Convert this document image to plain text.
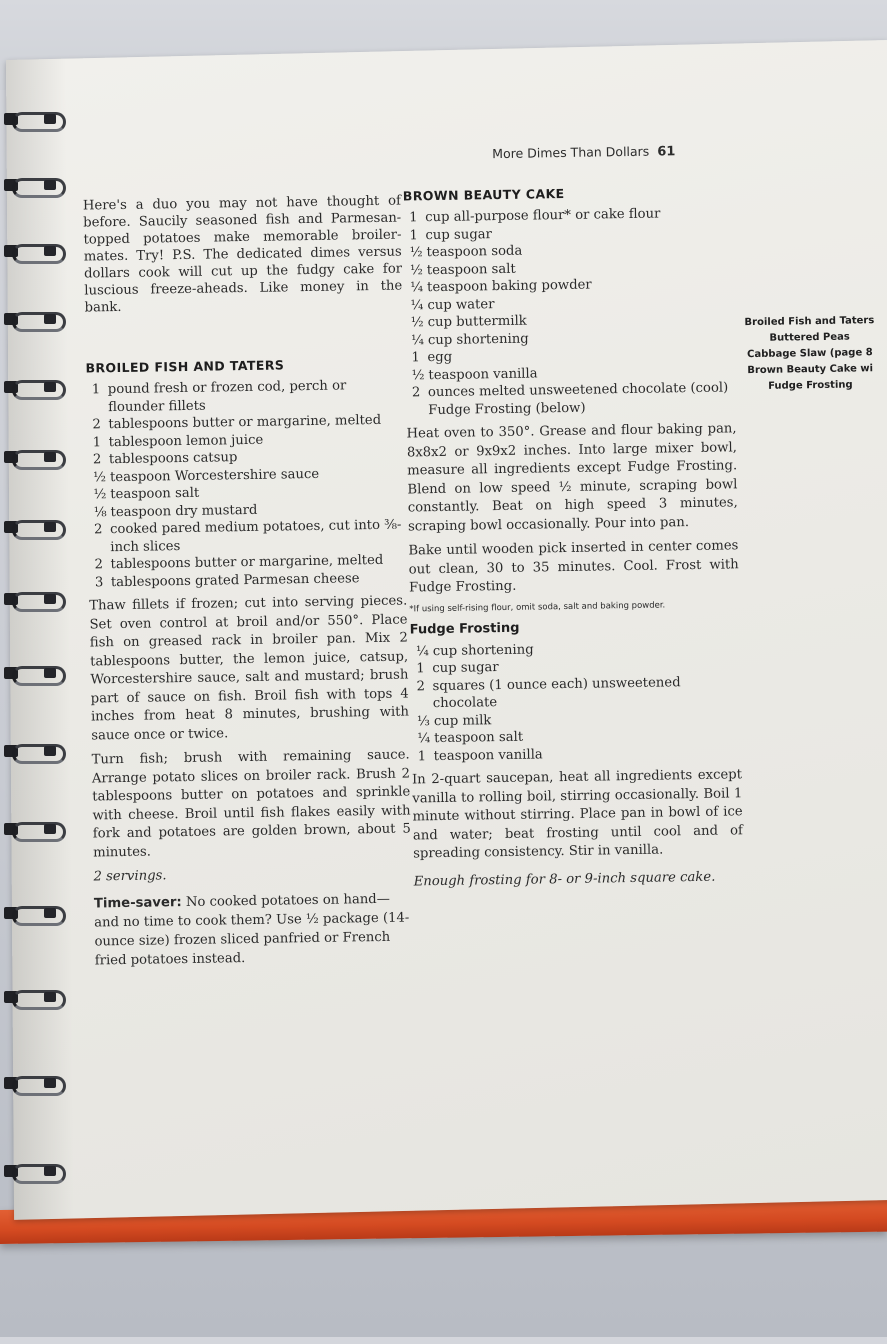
More Dimes Than Dollars 61

Here's a duo you may not have thought of before. Saucily seasoned fish and Parmesan-topped potatoes make memorable broiler-mates. Try! P.S. The dedicated dimes versus dollars cook will cut up the fudgy cake for luscious freeze-aheads. Like money in the bank.

BROILED FISH AND TATERS
1 pound fresh or frozen cod, perch or flounder fillets
2 tablespoons butter or margarine, melted
1 tablespoon lemon juice
2 tablespoons catsup
½ teaspoon Worcestershire sauce
½ teaspoon salt
⅛ teaspoon dry mustard
2 cooked pared medium potatoes, cut into ⅜-inch slices
2 tablespoons butter or margarine, melted
3 tablespoons grated Parmesan cheese

Thaw fillets if frozen; cut into serving pieces. Set oven control at broil and/or 550°. Place fish on greased rack in broiler pan. Mix 2 tablespoons butter, the lemon juice, catsup, Worcestershire sauce, salt and mustard; brush part of sauce on fish. Broil fish with tops 4 inches from heat 8 minutes, brushing with sauce once or twice.

Turn fish; brush with remaining sauce. Arrange potato slices on broiler rack. Brush 2 tablespoons butter on potatoes and sprinkle with cheese. Broil until fish flakes easily with fork and potatoes are golden brown, about 5 minutes.

2 servings.

Time-saver: No cooked potatoes on hand—and no time to cook them? Use ½ package (14-ounce size) frozen sliced panfried or French fried potatoes instead.

BROWN BEAUTY CAKE
1 cup all-purpose flour* or cake flour
1 cup sugar
½ teaspoon soda
½ teaspoon salt
¼ teaspoon baking powder
¼ cup water
½ cup buttermilk
¼ cup shortening
1 egg
½ teaspoon vanilla
2 ounces melted unsweetened chocolate (cool)
Fudge Frosting (below)

Heat oven to 350°. Grease and flour baking pan, 8x8x2 or 9x9x2 inches. Into large mixer bowl, measure all ingredients except Fudge Frosting. Blend on low speed ½ minute, scraping bowl constantly. Beat on high speed 3 minutes, scraping bowl occasionally. Pour into pan.

Bake until wooden pick inserted in center comes out clean, 30 to 35 minutes. Cool. Frost with Fudge Frosting.

*If using self-rising flour, omit soda, salt and baking powder.

Fudge Frosting
¼ cup shortening
1 cup sugar
2 squares (1 ounce each) unsweetened chocolate
⅓ cup milk
¼ teaspoon salt
1 teaspoon vanilla

In 2-quart saucepan, heat all ingredients except vanilla to rolling boil, stirring occasionally. Boil 1 minute without stirring. Place pan in bowl of ice and water; beat frosting until cool and of spreading consistency. Stir in vanilla.

Enough frosting for 8- or 9-inch square cake.

Broiled Fish and Taters
Buttered Peas
Cabbage Slaw (page 8
Brown Beauty Cake wi
Fudge Frosting
